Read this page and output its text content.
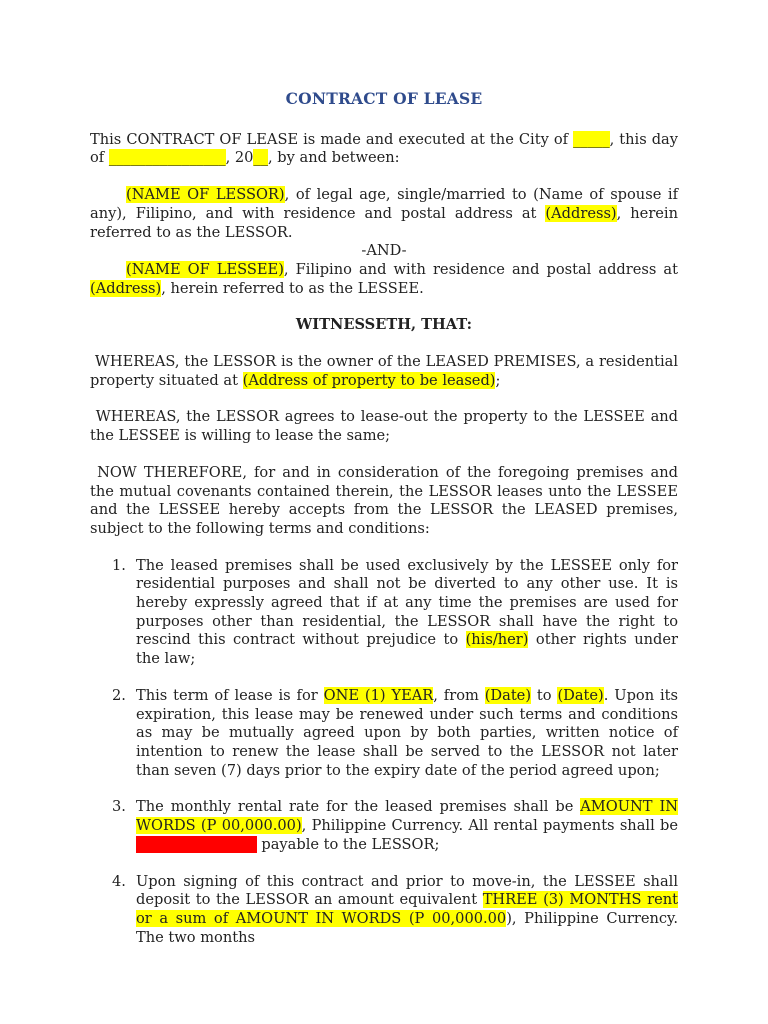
CONTRACT OF LEASE

This CONTRACT OF LEASE is made and executed at the City of _____, this day of ________________, 20__, by and between:

(NAME OF LESSOR), of legal age, single/married to (Name of spouse if any), Filipino, and with residence and postal address at (Address), herein referred to as the LESSOR.

-AND-

(NAME OF LESSEE), Filipino and with residence and postal address at (Address), herein referred to as the LESSEE.

WITNESSETH, THAT:

WHEREAS, the LESSOR is the owner of the LEASED PREMISES, a residential property situated at (Address of property to be leased);

WHEREAS, the LESSOR agrees to lease-out the property to the LESSEE and the LESSEE is willing to lease the same;

NOW THEREFORE, for and in consideration of the foregoing premises and the mutual covenants contained therein, the LESSOR leases unto the LESSEE and the LESSEE hereby accepts from the LESSOR the LEASED premises, subject to the following terms and conditions:

1. The leased premises shall be used exclusively by the LESSEE only for residential purposes and shall not be diverted to any other use. It is hereby expressly agreed that if at any time the premises are used for purposes other than residential, the LESSOR shall have the right to rescind this contract without prejudice to (his/her) other rights under the law;
2. This term of lease is for ONE (1) YEAR, from (Date) to (Date). Upon its expiration, this lease may be renewed under such terms and conditions as may be mutually agreed upon by both parties, written notice of intention to renew the lease shall be served to the LESSOR not later than seven (7) days prior to the expiry date of the period agreed upon;
3. The monthly rental rate for the leased premises shall be AMOUNT IN WORDS (P 00,000.00), Philippine Currency. All rental payments shall be in cash or check payable to the LESSOR;
4. Upon signing of this contract and prior to move-in, the LESSEE shall deposit to the LESSOR an amount equivalent THREE (3) MONTHS rent or a sum of AMOUNT IN WORDS (P 00,000.00), Philippine Currency. The two months
